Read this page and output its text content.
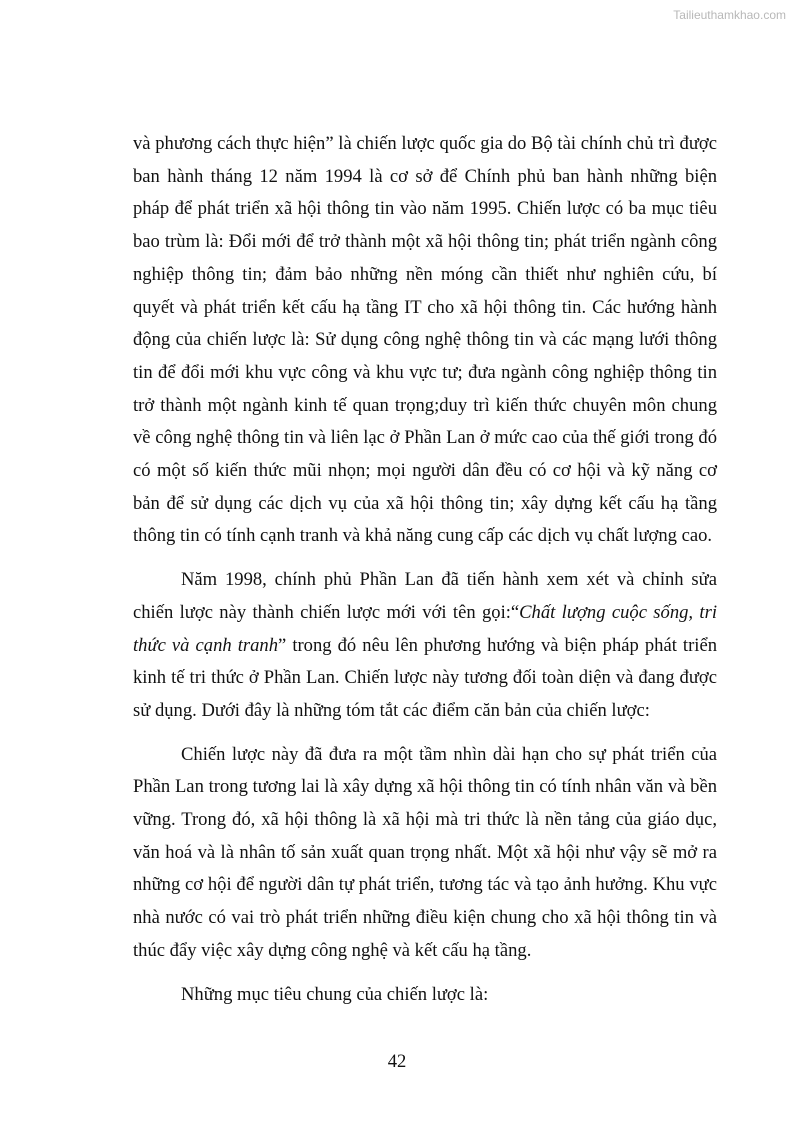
Tailieuthamkhao.com

và phương cách thực hiện” là chiến lược quốc gia do Bộ tài chính chủ trì được ban hành tháng 12 năm 1994 là cơ sở để Chính phủ ban hành những biện pháp để phát triển xã hội thông tin vào năm 1995. Chiến lược có ba mục tiêu bao trùm là: Đổi mới để trở thành một xã hội thông tin; phát triển ngành công nghiệp thông tin; đảm bảo những nền móng cần thiết như nghiên cứu, bí quyết và phát triển kết cấu hạ tầng IT cho xã hội thông tin. Các hướng hành động của chiến lược là: Sử dụng công nghệ thông tin và các mạng lưới thông tin để đổi mới khu vực công và khu vực tư; đưa ngành công nghiệp thông tin trở thành một ngành kinh tế quan trọng;duy trì kiến thức chuyên môn chung về công nghệ thông tin và liên lạc ở Phần Lan ở mức cao của thế giới trong đó có một số kiến thức mũi nhọn; mọi người dân đều có cơ hội và kỹ năng cơ bản để sử dụng các dịch vụ của xã hội thông tin; xây dựng kết cấu hạ tầng thông tin có tính cạnh tranh và khả năng cung cấp các dịch vụ chất lượng cao.

Năm 1998, chính phủ Phần Lan đã tiến hành xem xét và chỉnh sửa chiến lược này thành chiến lược mới với tên gọi:“Chất lượng cuộc sống, tri thức và cạnh tranh” trong đó nêu lên phương hướng và biện pháp phát triển kinh tế tri thức ở Phần Lan. Chiến lược này tương đối toàn diện và đang được sử dụng. Dưới đây là những tóm tắt các điểm căn bản của chiến lược:

Chiến lược này đã đưa ra một tầm nhìn dài hạn cho sự phát triển của Phần Lan trong tương lai là xây dựng xã hội thông tin có tính nhân văn và bền vững. Trong đó, xã hội thông là xã hội mà tri thức là nền tảng của giáo dục, văn hoá và là nhân tố sản xuất quan trọng nhất. Một xã hội như vậy sẽ mở ra những cơ hội để người dân tự phát triển, tương tác và tạo ảnh hưởng. Khu vực nhà nước có vai trò phát triển những điều kiện chung cho xã hội thông tin và thúc đẩy việc xây dựng công nghệ và kết cấu hạ tầng.

Những mục tiêu chung của chiến lược là:

42
